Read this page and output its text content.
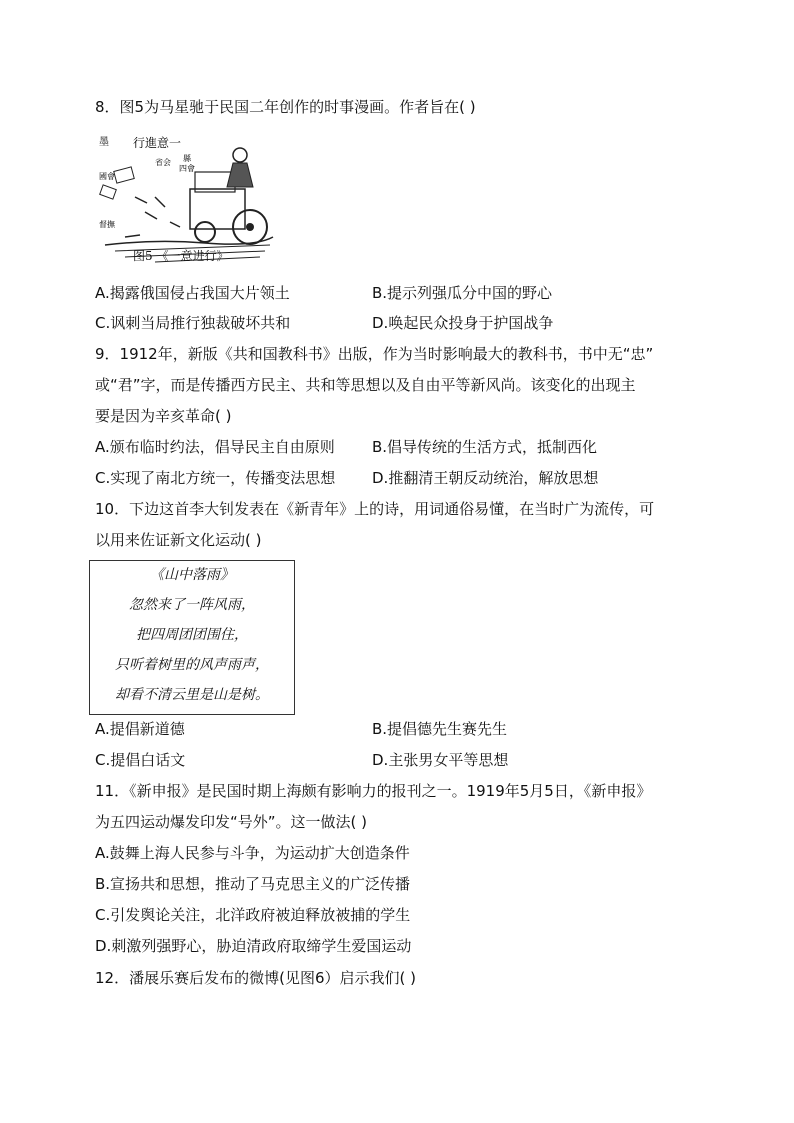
8．图5为马星驰于民国二年创作的时事漫画。作者旨在( )
行進意一
墨
省会 縣
四會
國會
督撫
图5 《一意进行》
A.揭露俄国侵占我国大片领土	B.提示列强瓜分中国的野心
C.讽刺当局推行独裁破坏共和	D.唤起民众投身于护国战争
9．1912年，新版《共和国教科书》出版，作为当时影响最大的教科书，书中无“忠”
或“君”字，而是传播西方民主、共和等思想以及自由平等新风尚。该变化的出现主
要是因为辛亥革命( )
A.颁布临时约法，倡导民主自由原则 B.倡导传统的生活方式，抵制西化
C.实现了南北方统一，传播变法思想 D.推翻清王朝反动统治，解放思想
10．下边这首李大钊发表在《新青年》上的诗，用词通俗易懂，在当时广为流传，可
以用来佐证新文化运动( )
《山中落雨》
忽然来了一阵风雨，
把四周团团围住，
只听着树里的风声雨声，
却看不清云里是山是树。
A.提倡新道德	B.提倡德先生赛先生
C.提倡白话文	D.主张男女平等思想
11．《新申报》是民国时期上海颇有影响力的报刊之一。1919年5月5日，《新申报》
为五四运动爆发印发“号外”。这一做法( )
A.鼓舞上海人民参与斗争，为运动扩大创造条件
B.宣扬共和思想，推动了马克思主义的广泛传播
C.引发舆论关注，北洋政府被迫释放被捕的学生
D.刺激列强野心，胁迫清政府取缔学生爱国运动
12．潘展乐赛后发布的微博(见图6）启示我们( )
